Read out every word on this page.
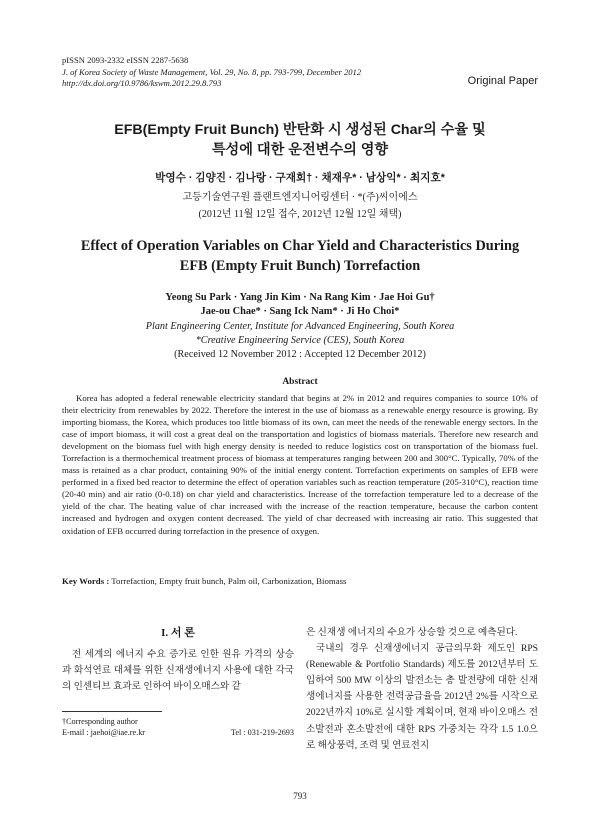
pISSN 2093-2332 eISSN 2287-5638
J. of Korea Society of Waste Management, Vol. 29, No. 8, pp. 793-799, December 2012
http://dx.doi.org/10.9786/kswm.2012.29.8.793	Original Paper
EFB(Empty Fruit Bunch) 반탄화 시 생성된 Char의 수율 및
특성에 대한 운전변수의 영향
박영수 · 김양진 · 김나랑 · 구재회† · 채재우* · 남상익* · 최지호*
고등기술연구원 플랜트엔지니어링센터 · *(주)씨이에스
(2012년 11월 12일 접수, 2012년 12월 12일 채택)
Effect of Operation Variables on Char Yield and Characteristics During
EFB (Empty Fruit Bunch) Torrefaction
Yeong Su Park · Yang Jin Kim · Na Rang Kim · Jae Hoi Gu†
Jae-ou Chae* · Sang Ick Nam* · Ji Ho Choi*
Plant Engineering Center, Institute for Advanced Engineering, South Korea
*Creative Engineering Service (CES), South Korea
(Received 12 November 2012 : Accepted 12 December 2012)
Abstract

Korea has adopted a federal renewable electricity standard that begins at 2% in 2012 and requires companies to source 10% of their electricity from renewables by 2022. Therefore the interest in the use of biomass as a renewable energy resource is growing. By importing biomass, the Korea, which produces too little biomass of its own, can meet the needs of the renewable energy sectors. In the case of import biomass, it will cost a great deal on the transportation and logistics of biomass materials. Therefore new research and development on the biomass fuel with high energy density is needed to reduce logistics cost on transportation of the biomass fuel. Torrefaction is a thermochemical treatment process of biomass at temperatures ranging between 200 and 300°C. Typically, 70% of the mass is retained as a char product, containing 90% of the initial energy content. Torrefaction experiments on samples of EFB were performed in a fixed bed reactor to determine the effect of operation variables such as reaction temperature (205-310°C), reaction time (20-40 min) and air ratio (0-0.18) on char yield and characteristics. Increase of the torrefaction temperature led to a decrease of the yield of the char. The heating value of char increased with the increase of the reaction temperature, because the carbon content increased and hydrogen and oxygen content decreased. The yield of char decreased with increasing air ratio. This suggested that oxidation of EFB occurred during torrefaction in the presence of oxygen.

Key Words : Torrefaction, Empty fruit bunch, Palm oil, Carbonization, Biomass
I. 서 론

전 세계의 에너지 수요 증가로 인한 원유 가격의 상승과 화석연료 대체를 위한 신재생에너지 사용에 대한 각국의 인센티브 효과로 인하여 바이오매스와 같

은 신재생 에너지의 수요가 상승할 것으로 예측된다.

국내의 경우 신재생에너지 공급의무화 제도인 RPS (Renewable & Portfolio Standards) 제도를 2012년부터 도입하여 500 MW 이상의 발전소는 총 발전량에 대한 신재생에너지를 사용한 전력공급율을 2012년 2%를 시작으로 2022년까지 10%로 실시할 계획이며, 현재 바이오매스 전소발전과 혼소발전에 대한 RPS 가중치는 각각 1.5 1.0으로 해상풍력, 조력 및 연료전지

†Corresponding author
E-mail : jaehoi@iae.re.kr	Tel : 031-219-2693
793
